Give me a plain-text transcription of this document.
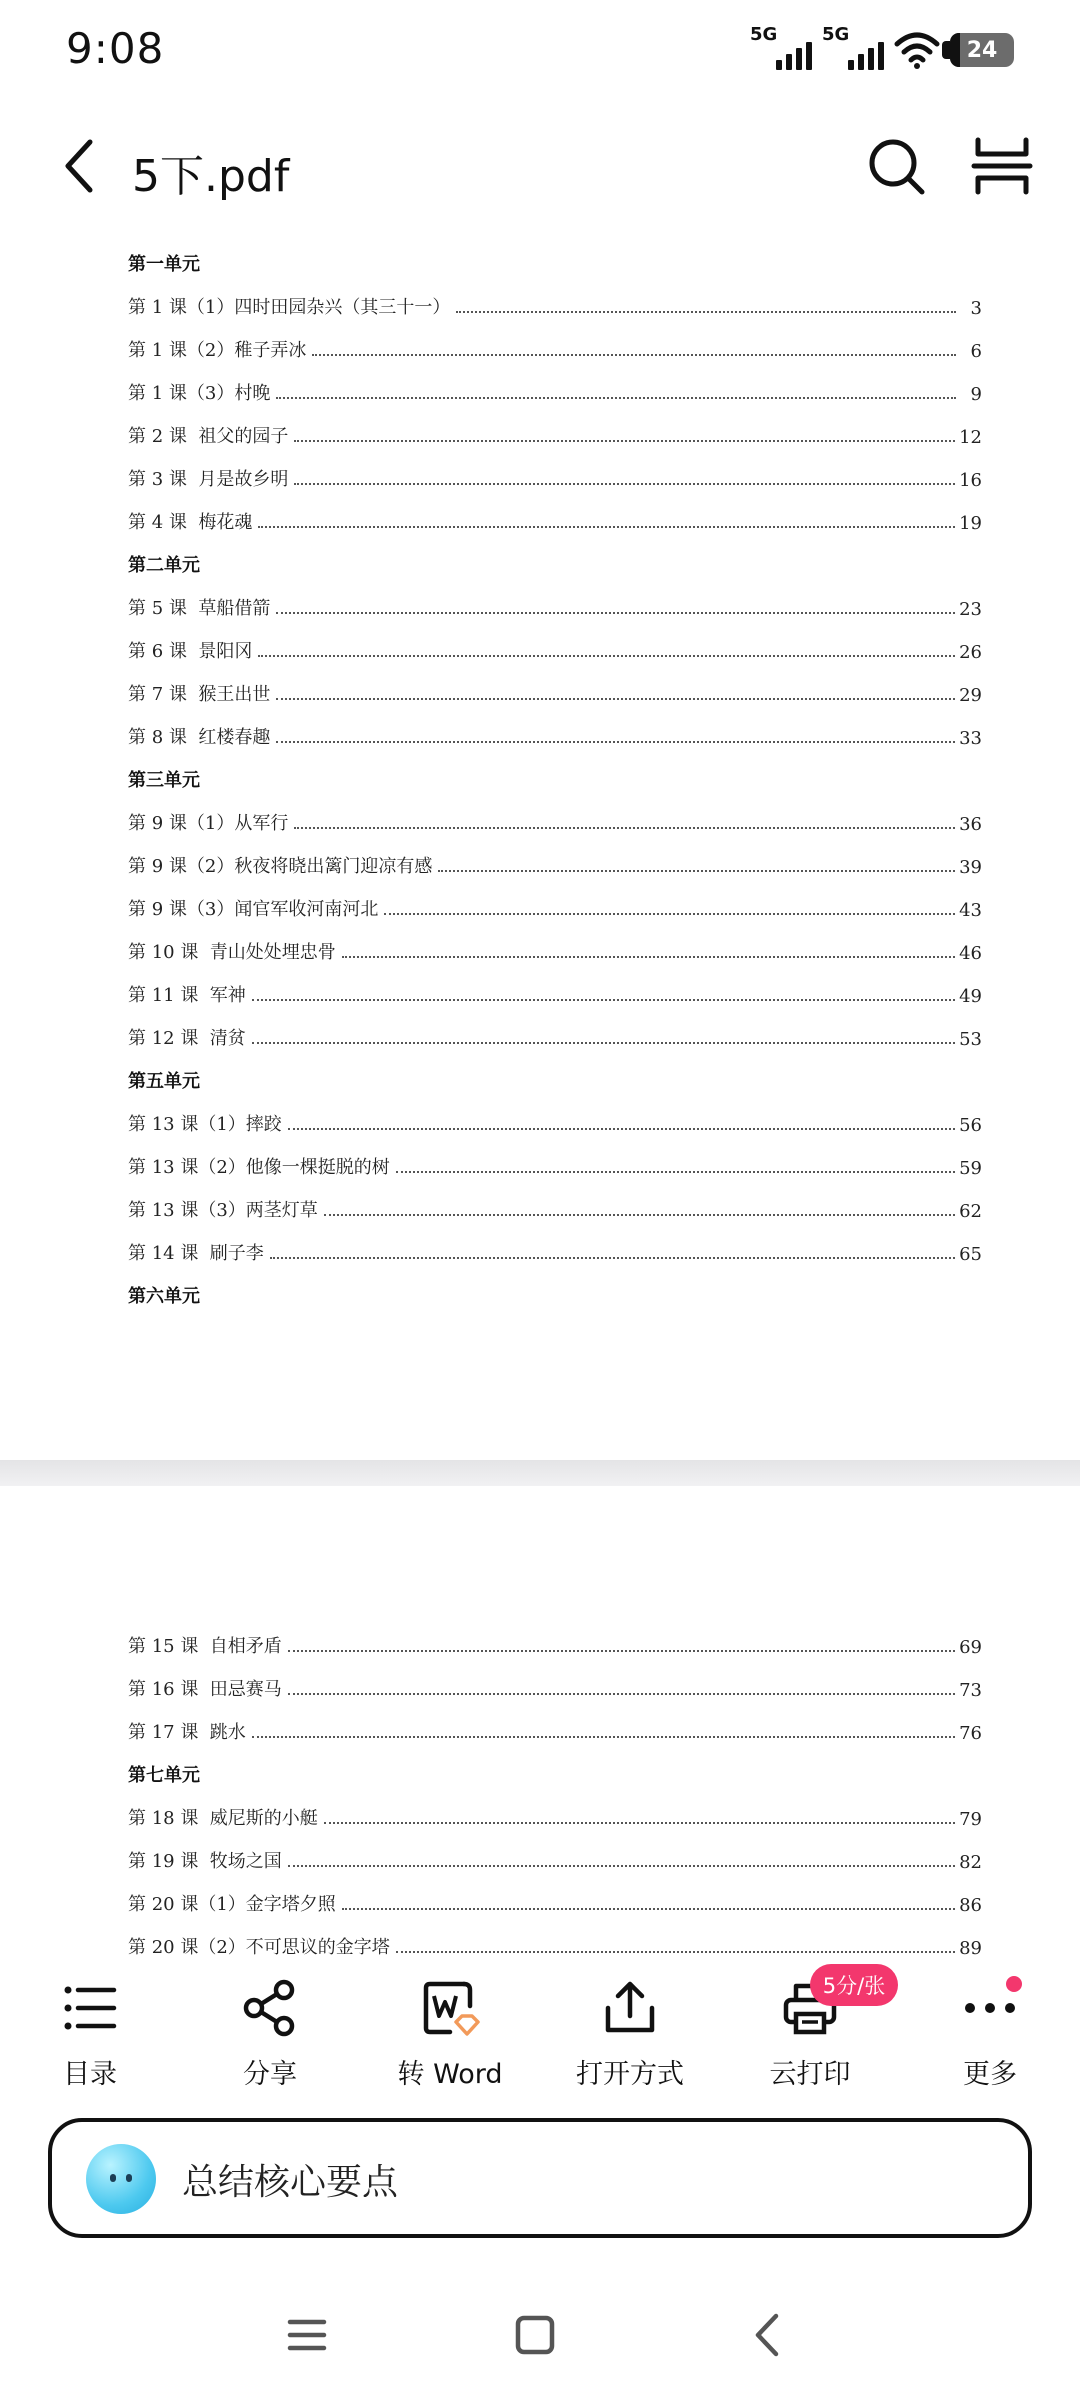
9:08	5G 5G
24
5下.pdf
第一单元
第 1 课（1）四时田园杂兴（其三十一）	3
第 1 课（2）稚子弄冰	6
第 1 课（3）村晚	9
第 2 课  祖父的园子	12
第 3 课  月是故乡明	16
第 4 课  梅花魂	19
第二单元
第 5 课  草船借箭	23
第 6 课  景阳冈	26
第 7 课  猴王出世	29
第 8 课  红楼春趣	33
第三单元
第 9 课（1）从军行	36
第 9 课（2）秋夜将晓出篱门迎凉有感	39
第 9 课（3）闻官军收河南河北	43
第 10 课  青山处处埋忠骨	46
第 11 课  军神	49
第 12 课  清贫	53
第五单元
第 13 课（1）摔跤	56
第 13 课（2）他像一棵挺脱的树	59
第 13 课（3）两茎灯草	62
第 14 课  刷子李	65
第六单元
第 15 课  自相矛盾	69
第 16 课  田忌赛马	73
第 17 课  跳水	76
第七单元
第 18 课  威尼斯的小艇	79
第 19 课  牧场之国	82
第 20 课（1）金字塔夕照	86
第 20 课（2）不可思议的金字塔	89
目录	分享	转 Word	打开方式	云打印	更多
5分/张
总结核心要点
